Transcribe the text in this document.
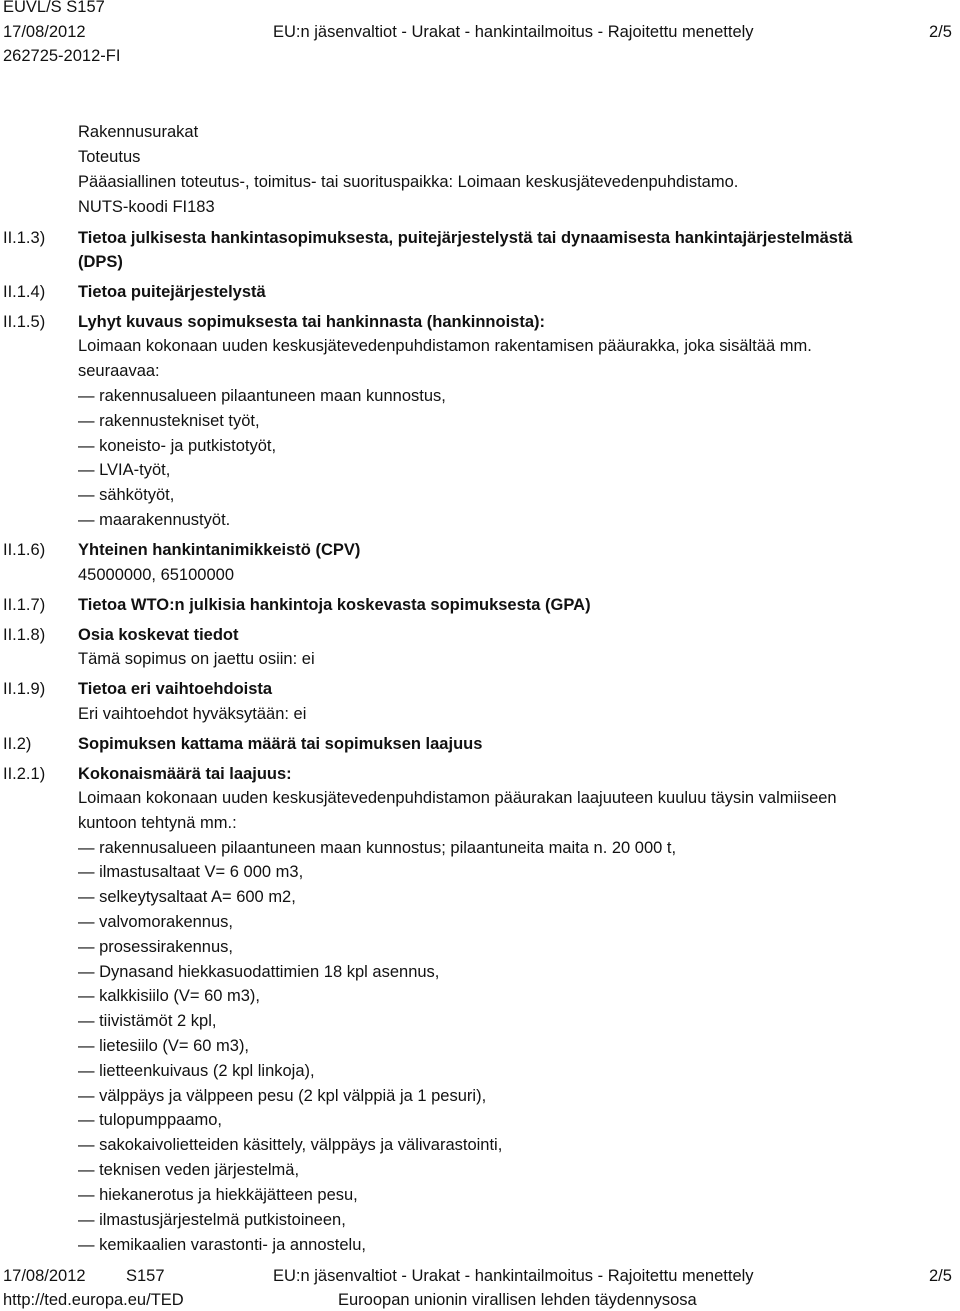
EUVL/S S157
17/08/2012	EU:n jäsenvaltiot - Urakat - hankintailmoitus - Rajoitettu menettely	2/5
262725-2012-FI
Rakennusurakat
Toteutus
Pääasiallinen toteutus-, toimitus- tai suorituspaikka: Loimaan keskusjätevedenpuhdistamo.
NUTS-koodi FI183
II.1.3) Tietoa julkisesta hankintasopimuksesta, puitejärjestelystä tai dynaamisesta hankintajärjestelmästä
(DPS)
II.1.4) Tietoa puitejärjestelystä
II.1.5) Lyhyt kuvaus sopimuksesta tai hankinnasta (hankinnoista):
Loimaan kokonaan uuden keskusjätevedenpuhdistamon rakentamisen pääurakka, joka sisältää mm.
seuraavaa:
— rakennusalueen pilaantuneen maan kunnostus,
— rakennustekniset työt,
— koneisto- ja putkistotyöt,
— LVIA-työt,
— sähkötyöt,
— maarakennustyöt.
II.1.6) Yhteinen hankintanimikkeistö (CPV)
45000000, 65100000
II.1.7) Tietoa WTO:n julkisia hankintoja koskevasta sopimuksesta (GPA)
II.1.8) Osia koskevat tiedot
Tämä sopimus on jaettu osiin: ei
II.1.9) Tietoa eri vaihtoehdoista
Eri vaihtoehdot hyväksytään: ei
II.2)	Sopimuksen kattama määrä tai sopimuksen laajuus
II.2.1) Kokonaismäärä tai laajuus:
Loimaan kokonaan uuden keskusjätevedenpuhdistamon pääurakan laajuuteen kuuluu täysin valmiiseen
kuntoon tehtynä mm.:
— rakennusalueen pilaantuneen maan kunnostus; pilaantuneita maita n. 20 000 t,
— ilmastusaltaat V= 6 000 m3,
— selkeytysaltaat A= 600 m2,
— valvomorakennus,
— prosessirakennus,
— Dynasand hiekkasuodattimien 18 kpl asennus,
— kalkkisiilo (V= 60 m3),
— tiivistämöt 2 kpl,
— lietesiilo (V= 60 m3),
— lietteenkuivaus (2 kpl linkoja),
— välppäys ja välppeen pesu (2 kpl välppiä ja 1 pesuri),
— tulopumppaamo,
— sakokaivolietteiden käsittely, välppäys ja välivarastointi,
— teknisen veden järjestelmä,
— hiekanerotus ja hiekkäjätteen pesu,
— ilmastusjärjestelmä putkistoineen,
— kemikaalien varastonti- ja annostelu,
17/08/2012 S157	EU:n jäsenvaltiot - Urakat - hankintailmoitus - Rajoitettu menettely	2/5
http://ted.europa.eu/TED	Euroopan unionin virallisen lehden täydennysosa
